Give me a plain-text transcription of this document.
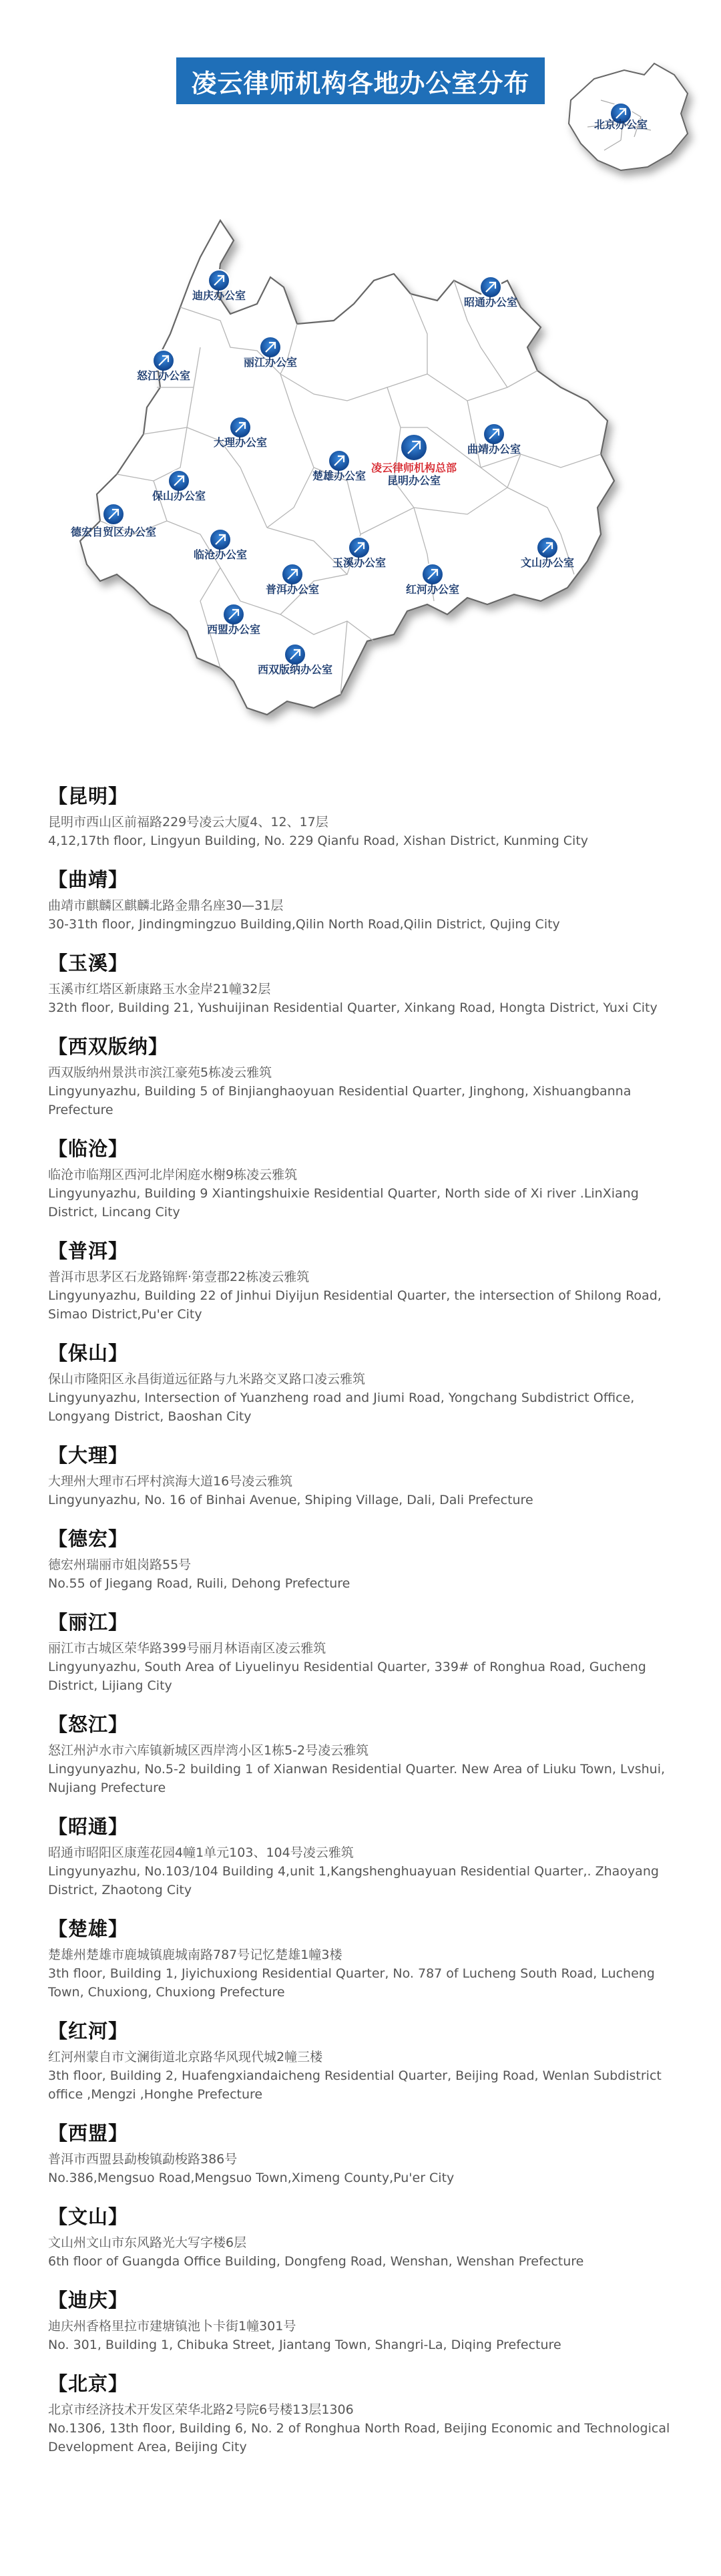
凌云律师机构各地办公室分布
北京办公室
迪庆办公室
怒江办公室
丽江办公室
昭通办公室
大理办公室
楚雄办公室
凌云律师机构总部
昆明办公室
曲靖办公室
保山办公室
德宏自贸区办公室
临沧办公室
普洱办公室
玉溪办公室
红河办公室
文山办公室
西盟办公室
西双版纳办公室
【昆明】

昆明市西山区前福路229号凌云大厦4、12、17层

4,12,17th floor, Lingyun Building, No. 229 Qianfu Road, Xishan District, Kunming City

【曲靖】

曲靖市麒麟区麒麟北路金鼎名座30—31层

30-31th floor, Jindingmingzuo Building,Qilin North Road,Qilin District, Qujing City

【玉溪】

玉溪市红塔区新康路玉水金岸21幢32层

32th floor, Building 21, Yushuijinan Residential Quarter, Xinkang Road, Hongta District, Yuxi City

【西双版纳】

西双版纳州景洪市滨江豪苑5栋凌云雅筑

Lingyunyazhu, Building 5 of Binjianghaoyuan Residential Quarter, Jinghong, Xishuangbanna Prefecture

【临沧】

临沧市临翔区西河北岸闲庭水榭9栋凌云雅筑

Lingyunyazhu, Building 9 Xiantingshuixie Residential Quarter, North side of Xi river .LinXiang District, Lincang City

【普洱】

普洱市思茅区石龙路锦辉·第壹郡22栋凌云雅筑

Lingyunyazhu, Building 22 of Jinhui Diyijun Residential Quarter, the intersection of Shilong Road, Simao District,Pu'er City

【保山】

保山市隆阳区永昌街道远征路与九米路交叉路口凌云雅筑

Lingyunyazhu, Intersection of Yuanzheng road and Jiumi Road, Yongchang Subdistrict Office, Longyang District, Baoshan City

【大理】

大理州大理市石坪村滨海大道16号凌云雅筑

Lingyunyazhu, No. 16 of Binhai Avenue, Shiping Village, Dali, Dali Prefecture

【德宏】

德宏州瑞丽市姐岗路55号

No.55 of Jiegang Road, Ruili, Dehong Prefecture

【丽江】

丽江市古城区荣华路399号丽月林语南区凌云雅筑

Lingyunyazhu, South Area of Liyuelinyu Residential Quarter, 339# of Ronghua Road, Gucheng District, Lijiang City

【怒江】

怒江州泸水市六库镇新城区西岸湾小区1栋5-2号凌云雅筑

Lingyunyazhu, No.5-2 building 1 of Xianwan Residential Quarter. New Area of Liuku Town, Lvshui, Nujiang Prefecture

【昭通】

昭通市昭阳区康莲花园4幢1单元103、104号凌云雅筑

Lingyunyazhu, No.103/104 Building 4,unit 1,Kangshenghuayuan Residential Quarter,. Zhaoyang District, Zhaotong City

【楚雄】

楚雄州楚雄市鹿城镇鹿城南路787号记忆楚雄1幢3楼

3th floor, Building 1, Jiyichuxiong Residential Quarter, No. 787 of Lucheng South Road, Lucheng Town, Chuxiong, Chuxiong Prefecture

【红河】

红河州蒙自市文澜街道北京路华风现代城2幢三楼

3th floor, Building 2, Huafengxiandaicheng Residential Quarter, Beijing Road, Wenlan Subdistrict office ,Mengzi ,Honghe Prefecture

【西盟】

普洱市西盟县勐梭镇勐梭路386号

No.386,Mengsuo Road,Mengsuo Town,Ximeng County,Pu'er City

【文山】

文山州文山市东风路光大写字楼6层

6th floor of Guangda Office Building, Dongfeng Road, Wenshan, Wenshan Prefecture

【迪庆】

迪庆州香格里拉市建塘镇池卜卡街1幢301号

No. 301, Building 1, Chibuka Street, Jiantang Town, Shangri-La, Diqing Prefecture

【北京】

北京市经济技术开发区荣华北路2号院6号楼13层1306

No.1306, 13th floor, Building 6, No. 2 of Ronghua North Road, Beijing Economic and Technological Development Area, Beijing City
